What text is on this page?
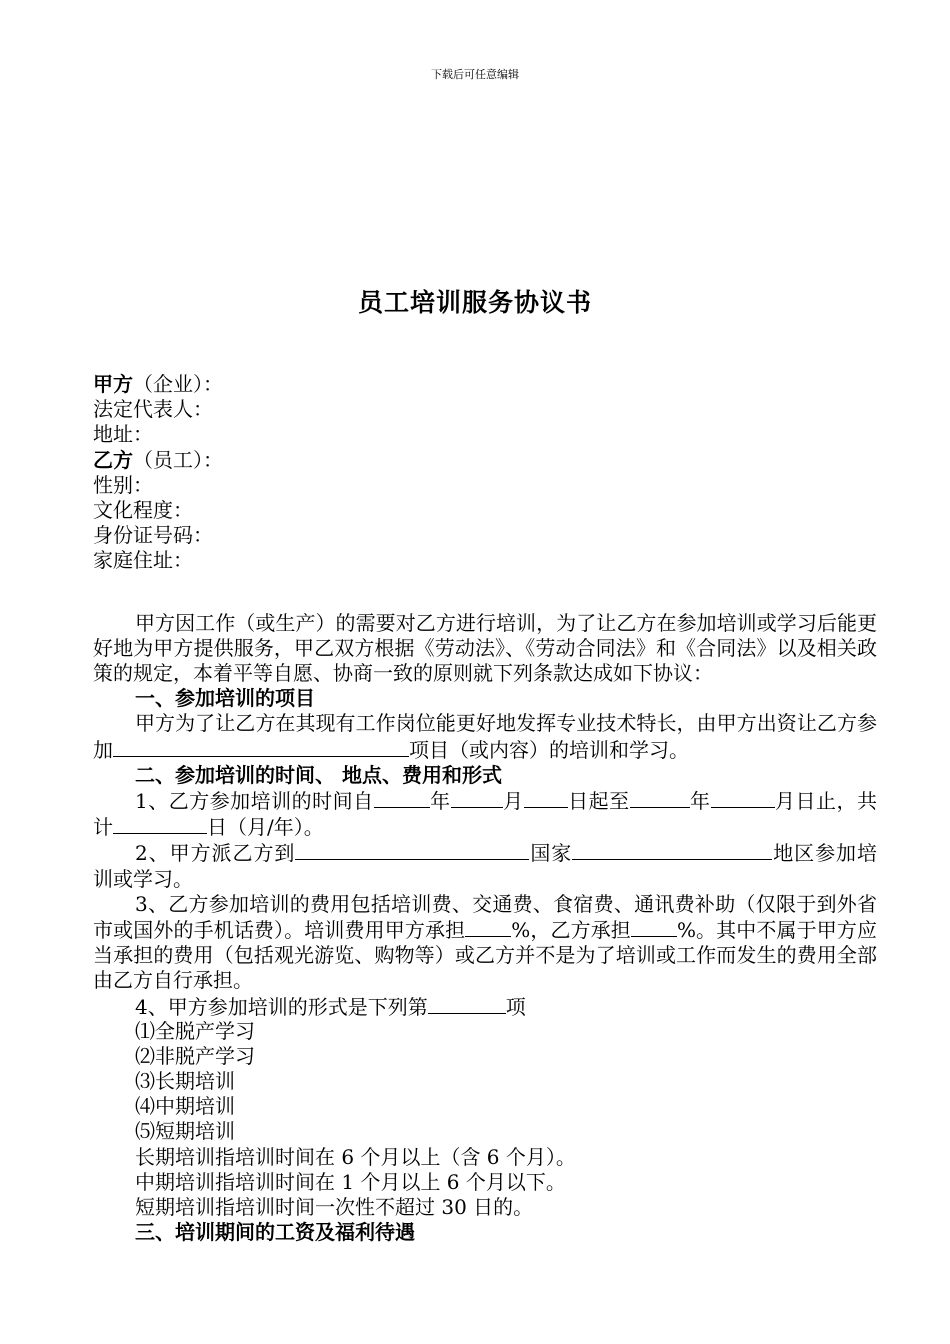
下载后可任意编辑
员工培训服务协议书
甲方（企业）：
法定代表人：
地址：
乙方（员工）：
性别：
文化程度：
身份证号码：
家庭住址：
甲方因工作（或生产）的需要对乙方进行培训，为了让乙方在参加培训或学习后能更好地为甲方提供服务，甲乙双方根据《劳动法》、《劳动合同法》和《合同法》以及相关政策的规定，本着平等自愿、协商一致的原则就下列条款达成如下协议：
一、参加培训的项目
甲方为了让乙方在其现有工作岗位能更好地发挥专业技术特长，由甲方出资让乙方参加	项目（或内容）的培训和学习。
二、参加培训的时间、 地点、费用和形式
1、乙方参加培训的时间自	年	月 日起至	年	月日止，共计	日（月/年）。
2、甲方派乙方到	国家	地区参加培训或学习。
3、乙方参加培训的费用包括培训费、交通费、食宿费、通讯费补助（仅限于到外省市或国外的手机话费）。培训费用甲方承担 %，乙方承担 %。其中不属于甲方应当承担的费用（包括观光游览、购物等）或乙方并不是为了培训或工作而发生的费用全部由乙方自行承担。
4、甲方参加培训的形式是下列第	项
⑴全脱产学习
⑵非脱产学习
⑶长期培训
⑷中期培训
⑸短期培训
长期培训指培训时间在 6 个月以上（含 6 个月）。
中期培训指培训时间在 1 个月以上 6 个月以下。
短期培训指培训时间一次性不超过 30 日的。
三、培训期间的工资及福利待遇
